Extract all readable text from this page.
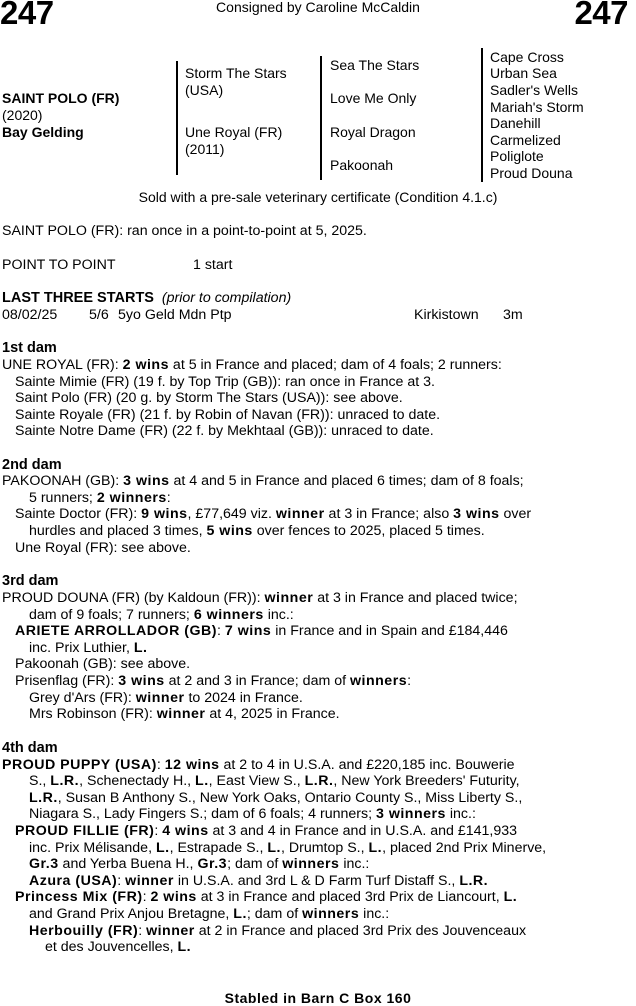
247	Consigned by Caroline McCaldin	247
SAINT POLO (FR)
(2020)
Bay Gelding
Storm The Stars
(USA)
Une Royal (FR)
(2011)
Sea The Stars
Love Me Only
Royal Dragon
Pakoonah
Cape Cross
Urban Sea
Sadler's Wells
Mariah's Storm
Danehill
Carmelized
Poliglote
Proud Douna
Sold with a pre-sale veterinary certificate (Condition 4.1.c)
SAINT POLO (FR): ran once in a point-to-point at 5, 2025.
POINT TO POINT	1 start
LAST THREE STARTS (prior to compilation)
08/02/25 5/6 5yo Geld Mdn Ptp	Kirkistown 3m
1st dam
UNE ROYAL (FR): 2 wins at 5 in France and placed; dam of 4 foals; 2 runners:
Sainte Mimie (FR) (19 f. by Top Trip (GB)): ran once in France at 3.
Saint Polo (FR) (20 g. by Storm The Stars (USA)): see above.
Sainte Royale (FR) (21 f. by Robin of Navan (FR)): unraced to date.
Sainte Notre Dame (FR) (22 f. by Mekhtaal (GB)): unraced to date.
2nd dam
PAKOONAH (GB): 3 wins at 4 and 5 in France and placed 6 times; dam of 8 foals;
5 runners; 2 winners:
Sainte Doctor (FR): 9 wins, £77,649 viz. winner at 3 in France; also 3 wins over
hurdles and placed 3 times, 5 wins over fences to 2025, placed 5 times.
Une Royal (FR): see above.
3rd dam
PROUD DOUNA (FR) (by Kaldoun (FR)): winner at 3 in France and placed twice;
dam of 9 foals; 7 runners; 6 winners inc.:
ARIETE ARROLLADOR (GB): 7 wins in France and in Spain and £184,446
inc. Prix Luthier, L.
Pakoonah (GB): see above.
Prisenflag (FR): 3 wins at 2 and 3 in France; dam of winners:
Grey d'Ars (FR): winner to 2024 in France.
Mrs Robinson (FR): winner at 4, 2025 in France.
4th dam
PROUD PUPPY (USA): 12 wins at 2 to 4 in U.S.A. and £220,185 inc. Bouwerie
S., L.R., Schenectady H., L., East View S., L.R., New York Breeders' Futurity,
L.R., Susan B Anthony S., New York Oaks, Ontario County S., Miss Liberty S.,
Niagara S., Lady Fingers S.; dam of 6 foals; 4 runners; 3 winners inc.:
PROUD FILLIE (FR): 4 wins at 3 and 4 in France and in U.S.A. and £141,933
inc. Prix Mélisande, L., Estrapade S., L., Drumtop S., L., placed 2nd Prix Minerve,
Gr.3 and Yerba Buena H., Gr.3; dam of winners inc.:
Azura (USA): winner in U.S.A. and 3rd L & D Farm Turf Distaff S., L.R.
Princess Mix (FR): 2 wins at 3 in France and placed 3rd Prix de Liancourt, L.
and Grand Prix Anjou Bretagne, L.; dam of winners inc.:
Herbouilly (FR): winner at 2 in France and placed 3rd Prix des Jouvenceaux
et des Jouvencelles, L.
Stabled in Barn C Box 160
